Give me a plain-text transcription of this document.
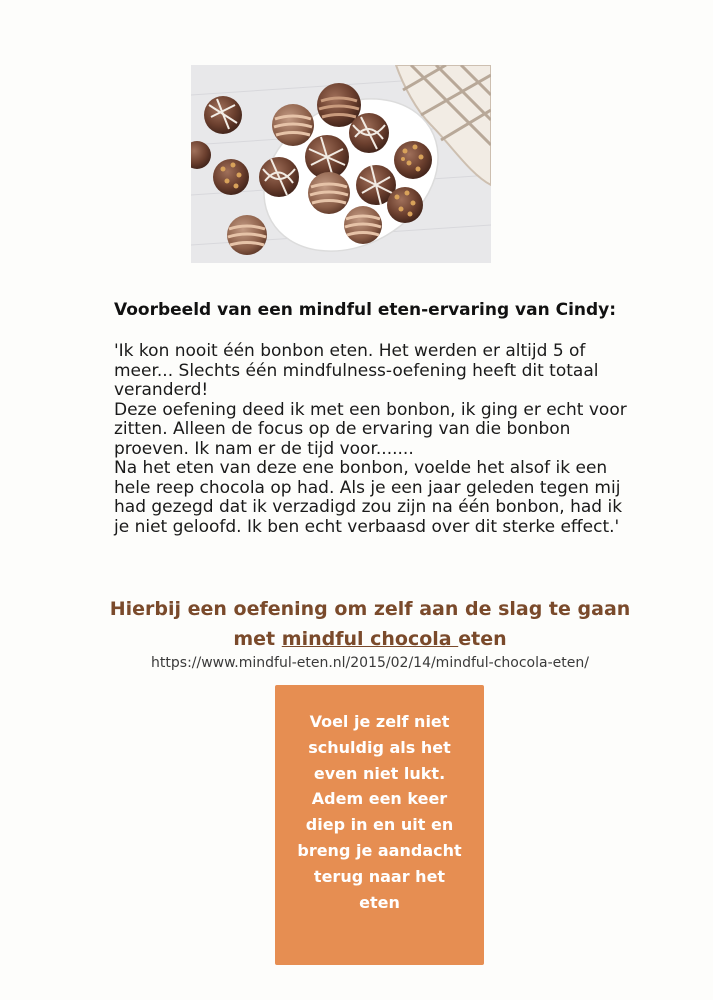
Voorbeeld van een mindful eten-ervaring van Cindy:

'Ik kon nooit één bonbon eten. Het werden er altijd 5 of meer... Slechts één mindfulness-oefening heeft dit totaal veranderd!

Deze oefening deed ik met een bonbon, ik ging er echt voor zitten. Alleen de focus op de ervaring van die bonbon proeven. Ik nam er de tijd voor.......

Na het eten van deze ene bonbon, voelde het alsof ik een hele reep chocola op had. Als je een jaar geleden tegen mij had gezegd dat ik verzadigd zou zijn na één bonbon, had ik je niet geloofd. Ik ben echt verbaasd over dit sterke effect.'

Hierbij een oefening om zelf aan de slag te gaan
met mindful chocola eten
https://www.mindful-eten.nl/2015/02/14/mindful-chocola-eten/

Voel je zelf niet schuldig als het even niet lukt. Adem een keer diep in en uit en breng je aandacht terug naar het eten
